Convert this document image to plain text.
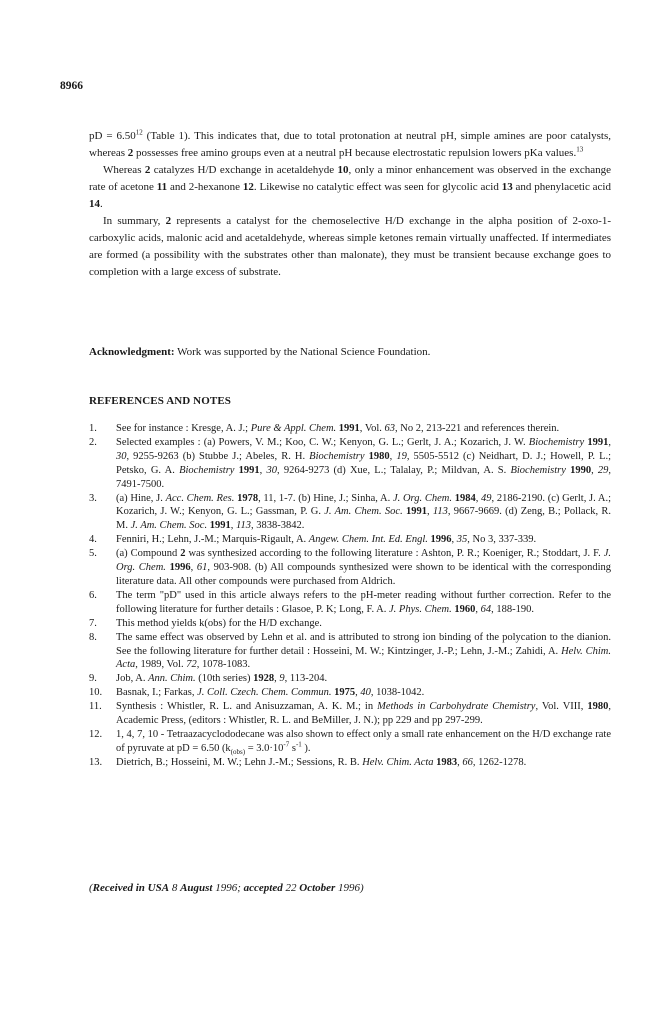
8966

pD = $6.50^{12}$ (Table 1). This indicates that, due to total protonation at neutral pH, simple amines are poor catalysts, whereas 2 possesses free amino groups even at a neutral pH because electrostatic repulsion lowers pKa values.$^{13}$

Whereas 2 catalyzes H/D exchange in acetaldehyde 10, only a minor enhancement was observed in the exchange rate of acetone 11 and 2-hexanone 12. Likewise no catalytic effect was seen for glycolic acid 13 and phenylacetic acid 14.

In summary, 2 represents a catalyst for the chemoselective H/D exchange in the alpha position of 2-oxo-1-carboxylic acids, malonic acid and acetaldehyde, whereas simple ketones remain virtually unaffected. If intermediates are formed (a possibility with the substrates other than malonate), they must be transient because exchange goes to completion with a large excess of substrate.

Acknowledgment: Work was supported by the National Science Foundation.
REFERENCES AND NOTES
1.	See for instance : Kresge, A. J.; Pure & Appl. Chem. 1991, Vol. 63, No 2, 213-221 and references therein.
2.	Selected examples : (a) Powers, V. M.; Koo, C. W.; Kenyon, G. L.; Gerlt, J. A.; Kozarich, J. W. Biochemistry 1991, 30, 9255-9263 (b) Stubbe J.; Abeles, R. H. Biochemistry 1980, 19, 5505-5512 (c) Neidhart, D. J.; Howell, P. L.; Petsko, G. A. Biochemistry 1991, 30, 9264-9273 (d) Xue, L.; Talalay, P.; Mildvan, A. S. Biochemistry 1990, 29, 7491-7500.
3.	(a) Hine, J. Acc. Chem. Res. 1978, 11, 1-7. (b) Hine, J.; Sinha, A. J. Org. Chem. 1984, 49, 2186-2190. (c) Gerlt, J. A.; Kozarich, J. W.; Kenyon, G. L.; Gassman, P. G. J. Am. Chem. Soc. 1991, 113, 9667-9669. (d) Zeng, B.; Pollack, R. M. J. Am. Chem. Soc. 1991, 113, 3838-3842.
4.	Fenniri, H.; Lehn, J.-M.; Marquis-Rigault, A. Angew. Chem. Int. Ed. Engl. 1996, 35, No 3, 337-339.
5.	(a) Compound 2 was synthesized according to the following literature : Ashton, P. R.; Koeniger, R.; Stoddart, J. F. J. Org. Chem. 1996, 61, 903-908. (b) All compounds synthesized were shown to be identical with the corresponding literature data. All other compounds were purchased from Aldrich.
6.	The term "pD" used in this article always refers to the pH-meter reading without further correction. Refer to the following literature for further details : Glasoe, P. K; Long, F. A. J. Phys. Chem. 1960, 64, 188-190.
7.	This method yields k(obs) for the H/D exchange.
8.	The same effect was observed by Lehn et al. and is attributed to strong ion binding of the polycation to the dianion. See the following literature for further detail : Hosseini, M. W.; Kintzinger, J.-P.; Lehn, J.-M.; Zahidi, A. Helv. Chim. Acta, 1989, Vol. 72, 1078-1083.
9.	Job, A. Ann. Chim. (10th series) 1928, 9, 113-204.
10.	Basnak, I.; Farkas, J. Coll. Czech. Chem. Commun. 1975, 40, 1038-1042.
11.	Synthesis : Whistler, R. L. and Anisuzzaman, A. K. M.; in Methods in Carbohydrate Chemistry, Vol. VIII, 1980, Academic Press, (editors : Whistler, R. L. and BeMiller, J. N.); pp 229 and pp 297-299.
12.	1, 4, 7, 10 - Tetraazacyclododecane was also shown to effect only a small rate enhancement on the H/D exchange rate of pyruvate at pD = 6.50 ($k_{(obs)} = 3.0\cdot 10^{-7}$ $s^{-1}$ ).
13.	Dietrich, B.; Hosseini, M. W.; Lehn J.-M.; Sessions, R. B. Helv. Chim. Acta 1983, 66, 1262-1278.
(Received in USA 8 August 1996; accepted 22 October 1996)
